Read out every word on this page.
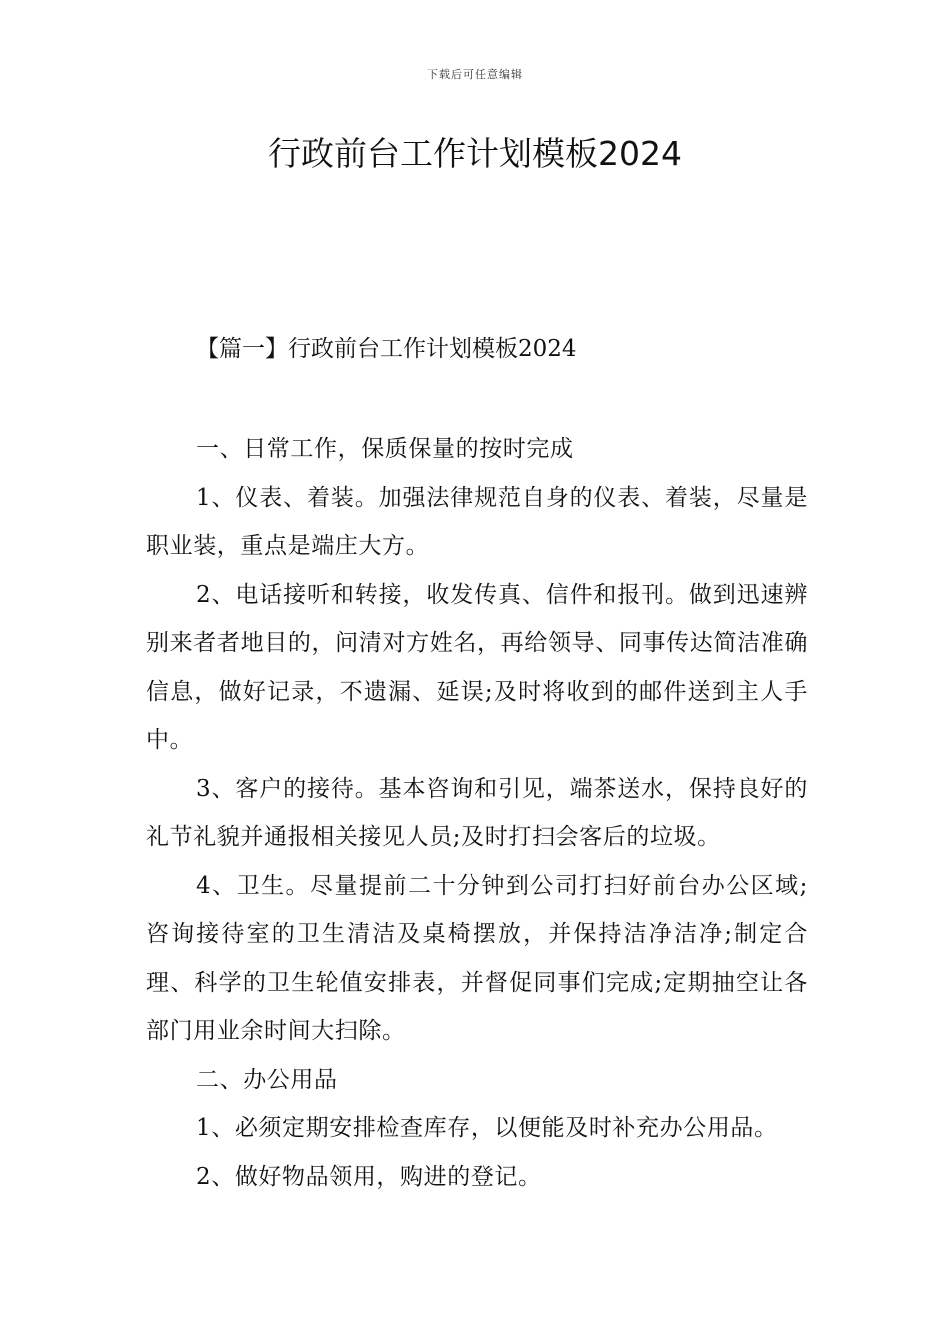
下载后可任意编辑
行政前台工作计划模板2024
【篇一】行政前台工作计划模板2024

一、日常工作，保质保量的按时完成

1、仪表、着装。加强法律规范自身的仪表、着装，尽量是职业装，重点是端庄大方。

2、电话接听和转接，收发传真、信件和报刊。做到迅速辨别来者者地目的，问清对方姓名，再给领导、同事传达简洁准确信息，做好记录，不遗漏、延误;及时将收到的邮件送到主人手中。

3、客户的接待。基本咨询和引见，端茶送水，保持良好的礼节礼貌并通报相关接见人员;及时打扫会客后的垃圾。

4、卫生。尽量提前二十分钟到公司打扫好前台办公区域;咨询接待室的卫生清洁及桌椅摆放，并保持洁净洁净;制定合理、科学的卫生轮值安排表，并督促同事们完成;定期抽空让各部门用业余时间大扫除。

二、办公用品

1、必须定期安排检查库存，以便能及时补充办公用品。

2、做好物品领用，购进的登记。
